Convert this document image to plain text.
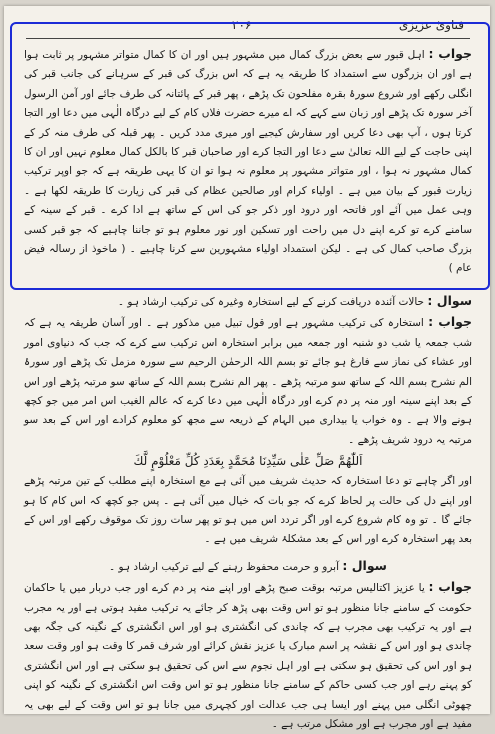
فتاویٰ عزیزی
۲۰۶

جواب : اہل قبور سے بعض بزرگ کمال میں مشہور ہیں اور ان کا کمال متواتر مشہور پر ثابت ہوا ہے اور ان بزرگوں سے استمداد کا طریقہ یہ ہے کہ اس بزرگ کی قبر کے سرہانے کی جانب قبر کی انگلی رکھے اور شروع سورۂ بقرہ مفلحون تک پڑھے ، پھر قبر کے پائتانہ کی طرف جائے اور آمن الرسول آخر سورہ تک پڑھے اور زبان سے کہے کہ اے میرے حضرت فلاں کام کے لیے درگاہ الٰہی میں دعا اور التجا کرتا ہوں ، آپ بھی دعا کریں اور سفارش کیجیے اور میری مدد کریں ۔ پھر قبلہ کی طرف منہ کر کے اپنی حاجت کے لیے اللہ تعالیٰ سے دعا اور التجا کرے اور صاحبان قبر کا بالکل کمال معلوم نہیں اور ان کا کمال مشہور نہ ہوا ، اور متواتر مشہور پر معلوم نہ ہوا تو ان کا یہی طریقہ ہے کہ جو اوپر ترکیب زیارت قبور کے بیان میں ہے ۔ اولیاء کرام اور صالحین عظام کی قبر کی زیارت کا طریقہ لکھا ہے ۔ وہی عمل میں آئے اور فاتحہ اور درود اور ذکر جو کی اس کے ساتھ ہے ادا کرے ۔ قبر کے سینہ کے سامنے کرے تو کرے اپنے دل میں راحت اور تسکین اور نور معلوم ہو تو جاننا چاہیے کہ جو قبر کسی بزرگ صاحب کمال کی ہے ۔ لیکن استمداد اولیاء مشہورین سے کرنا چاہیے ۔ ( ماخوذ از رسالہ فیض عام )

سوال : حالات آئندہ دریافت کرنے کے لیے استخارہ وغیرہ کی ترکیب ارشاد ہو ۔

جواب : استخارہ کی ترکیب مشہور ہے اور قول تبیل میں مذکور ہے ۔ اور آسان طریقہ یہ ہے کہ شب جمعہ یا شب دو شنبہ اور جمعہ میں برابر استخارہ اس ترکیب سے کرے کہ جب کہ دنیاوی امور اور عشاء کی نماز سے فارغ ہو جائے تو بسم اللہ الرحمٰن الرحیم سے سورہ مزمل تک پڑھے اور سورۂ الم نشرح بسم اللہ کے ساتھ سو مرتبہ پڑھے ۔ پھر الم نشرح بسم اللہ کے ساتھ سو مرتبہ پڑھے اور اس کے بعد اپنے سینہ اور منہ پر دم کرے اور درگاہ الٰہی میں دعا کرے کہ عالم الغیب اس امر میں جو کچھ ہونے والا ہے ۔ وہ خواب یا بیداری میں الہام کے ذریعہ سے مجھ کو معلوم کرادے اور اس کے بعد سو مرتبہ یہ درود شریف پڑھے ۔

اَللّٰهُمَّ صَلِّ عَلٰى سَيِّدِنَا مُحَمَّدٍ بِعَدَدِ كُلِّ مَعْلُوْمٍ لَّكَ

اور اگر چاہے تو دعا استخارہ کہ حدیث شریف میں آئی ہے مع استخارہ اپنے مطلب کے تین مرتبہ پڑھے اور اپنے دل کی حالت پر لحاظ کرے کہ جو بات کہ خیال میں آئی ہے ۔ پس جو کچھ کہ اس کام کا ہو جائے گا ۔ تو وہ کام شروع کرے اور اگر تردد اس میں ہو تو پھر سات روز تک موقوف رکھے اور اس کے بعد پھر استخارہ کرے اور اس کے بعد مشکلۂ شریف میں ہے ۔

سوال : آبرو و حرمت محفوظ رہنے کے لیے ترکیب ارشاد ہو ۔

جواب : یا عزیز اکتالیس مرتبہ بوقت صبح پڑھے اور اپنے منہ پر دم کرے اور جب دربار میں یا حاکمان حکومت کے سامنے جانا منظور ہو تو اس وقت بھی پڑھ کر جائے یہ ترکیب مفید ہوتی ہے اور یہ مجرب ہے اور یہ ترکیب بھی مجرب ہے کہ چاندی کی انگشتری ہو اور اس انگشتری کے نگینہ کی جگہ بھی چاندی ہو اور اس کے نقشہ پر اسم مبارک یا عزیز نقش کرائے اور شرف قمر کا وقت ہو اور وقت سعد ہو اور اس کی تحقیق ہو سکتی ہے اور اہل نجوم سے اس کی تحقیق ہو سکتی ہے اور اس انگشتری کو پہنے رہے اور جب کسی حاکم کے سامنے جانا منظور ہو تو اس وقت اس انگشتری کے نگینہ کو اپنی چھوٹی انگلی میں پہنے اور ایسا ہی جب عدالت اور کچہری میں جانا ہو تو اس وقت کے لیے بھی یہ مفید ہے اور مجرب ہے اور مشکل مرتب ہے ۔
